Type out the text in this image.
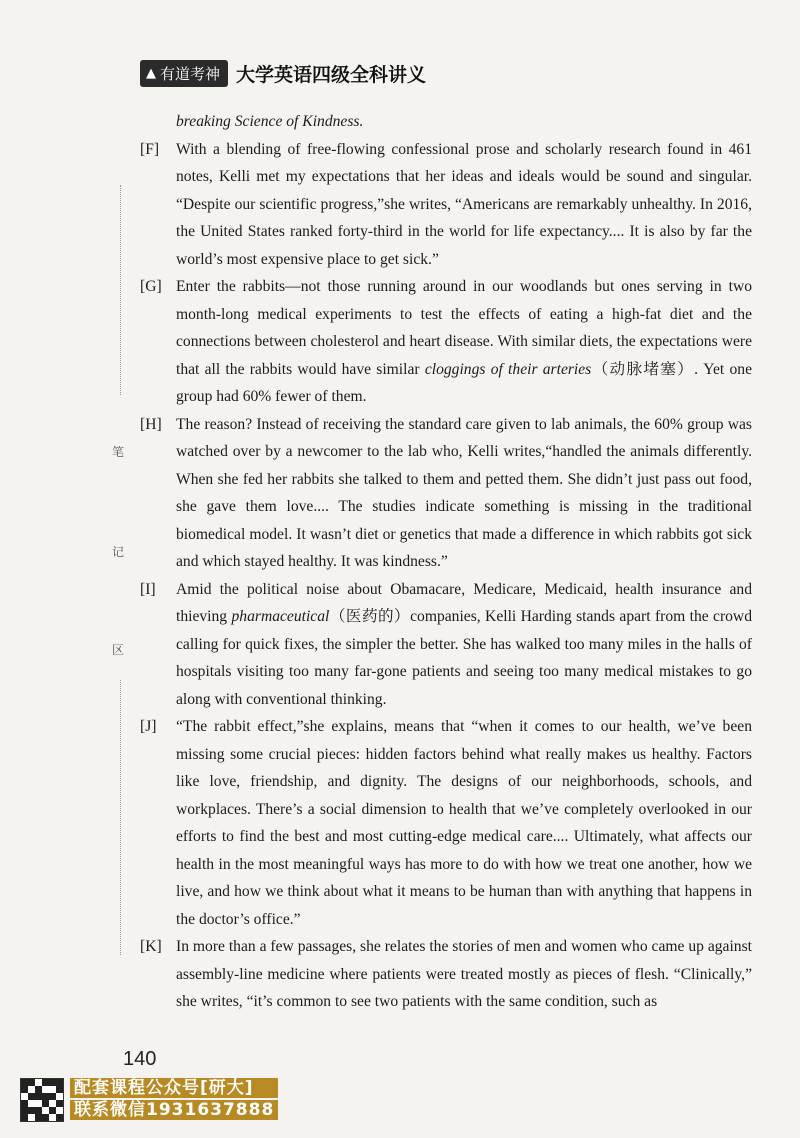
▲ 有道考神 大学英语四级全科讲义
笔
记
区

breaking Science of Kindness.

[F]	With a blending of free-flowing confessional prose and scholarly research found in 461 notes, Kelli met my expectations that her ideas and ideals would be sound and singular. “Despite our scientific progress,”she writes, “Americans are remarkably unhealthy. In 2016, the United States ranked forty-third in the world for life expectancy.... It is also by far the world’s most expensive place to get sick.”
[G] Enter the rabbits—not those running around in our woodlands but ones serving in two month-long medical experiments to test the effects of eating a high-fat diet and the connections between cholesterol and heart disease. With similar diets, the expectations were that all the rabbits would have similar cloggings of their arteries（动脉堵塞）. Yet one group had 60% fewer of them.
[H] The reason? Instead of receiving the standard care given to lab animals, the 60% group was watched over by a newcomer to the lab who, Kelli writes,“handled the animals differently. When she fed her rabbits she talked to them and petted them. She didn’t just pass out food, she gave them love.... The studies indicate something is missing in the traditional biomedical model. It wasn’t diet or genetics that made a difference in which rabbits got sick and which stayed healthy. It was kindness.”
[I]	Amid the political noise about Obamacare, Medicare, Medicaid, health insurance and thieving pharmaceutical（医药的）companies, Kelli Harding stands apart from the crowd calling for quick fixes, the simpler the better. She has walked too many miles in the halls of hospitals visiting too many far-gone patients and seeing too many medical mistakes to go along with conventional thinking.
[J]	“The rabbit effect,”she explains, means that “when it comes to our health, we’ve been missing some crucial pieces: hidden factors behind what really makes us healthy. Factors like love, friendship, and dignity. The designs of our neighborhoods, schools, and workplaces. There’s a social dimension to health that we’ve completely overlooked in our efforts to find the best and most cutting-edge medical care.... Ultimately, what affects our health in the most meaningful ways has more to do with how we treat one another, how we live, and how we think about what it means to be human than with anything that happens in the doctor’s office.”
[K] In more than a few passages, she relates the stories of men and women who came up against assembly-line medicine where patients were treated mostly as pieces of flesh. “Clinically,” she writes, “it’s common to see two patients with the same condition, such as
140
配套课程公众号[研大]
联系微信1931637888
